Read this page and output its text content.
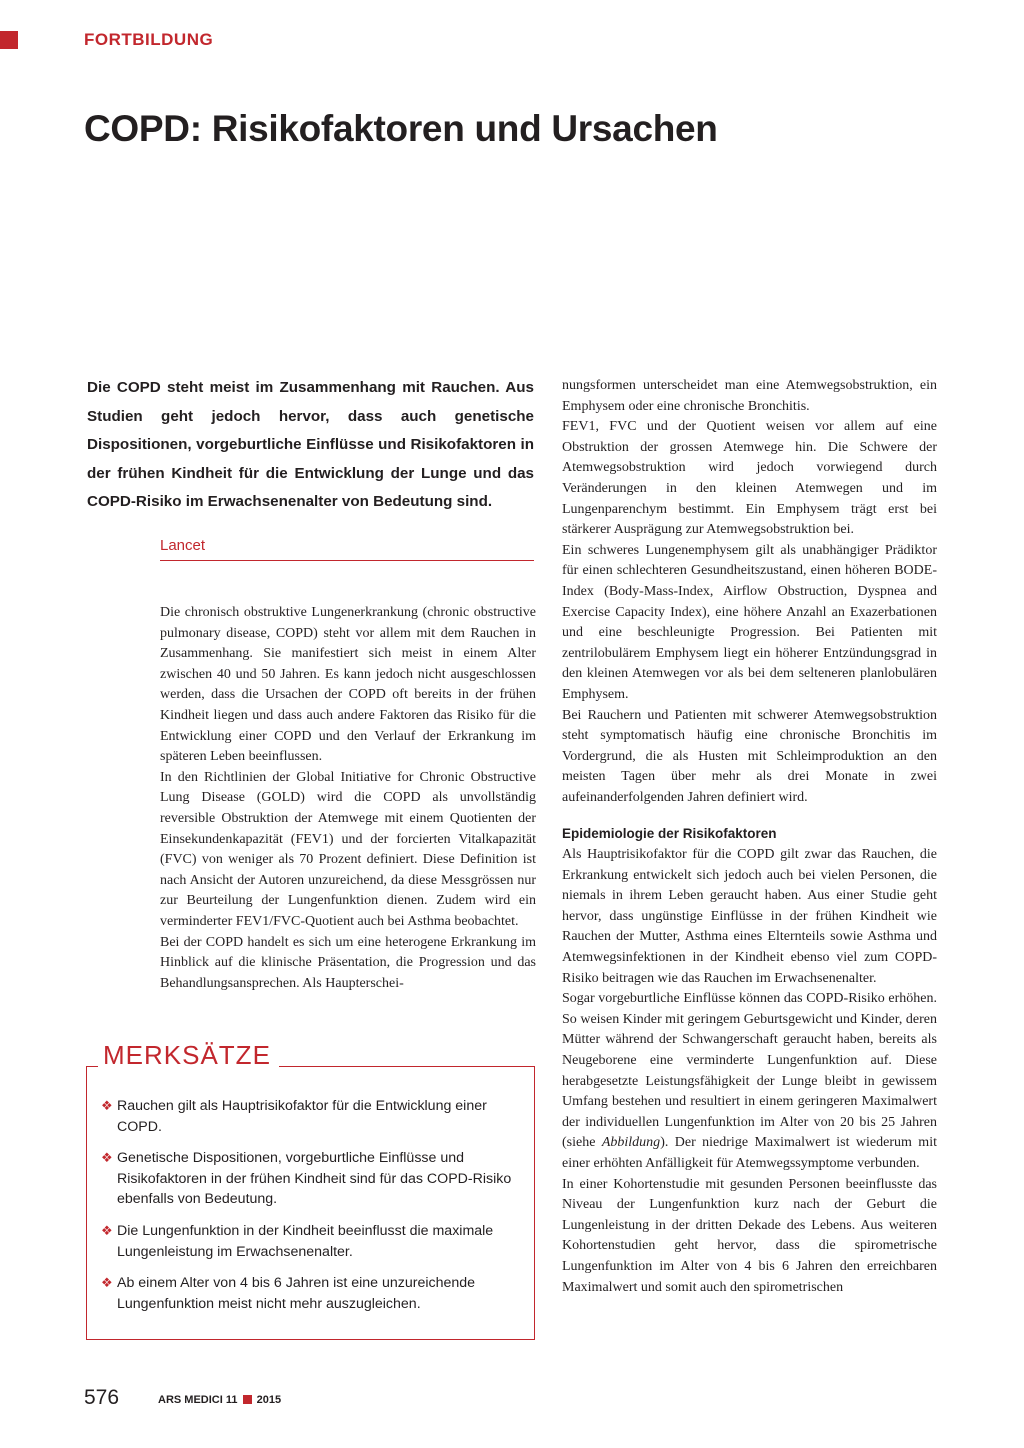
FORTBILDUNG
COPD: Risikofaktoren und Ursachen

Die COPD steht meist im Zusammenhang mit Rauchen. Aus Studien geht jedoch hervor, dass auch genetische Dispositionen, vorgeburtliche Einflüsse und Risikofaktoren in der frühen Kindheit für die Entwicklung der Lunge und das COPD-Risiko im Erwachsenenalter von Bedeutung sind.

Lancet

Die chronisch obstruktive Lungenerkrankung (chronic obstructive pulmonary disease, COPD) steht vor allem mit dem Rauchen in Zusammenhang. Sie manifestiert sich meist in einem Alter zwischen 40 und 50 Jahren. Es kann jedoch nicht ausgeschlossen werden, dass die Ursachen der COPD oft bereits in der frühen Kindheit liegen und dass auch andere Faktoren das Risiko für die Entwicklung einer COPD und den Verlauf der Erkrankung im späteren Leben beeinflussen.

In den Richtlinien der Global Initiative for Chronic Obstructive Lung Disease (GOLD) wird die COPD als unvollständig reversible Obstruktion der Atemwege mit einem Quotienten der Einsekundenkapazität (FEV1) und der forcierten Vitalkapazität (FVC) von weniger als 70 Prozent definiert. Diese Definition ist nach Ansicht der Autoren unzureichend, da diese Messgrössen nur zur Beurteilung der Lungenfunktion dienen. Zudem wird ein verminderter FEV1/FVC-Quotient auch bei Asthma beobachtet.

Bei der COPD handelt es sich um eine heterogene Erkrankung im Hinblick auf die klinische Präsentation, die Progression und das Behandlungsansprechen. Als Haupterschei-

nungsformen unterscheidet man eine Atemwegsobstruktion, ein Emphysem oder eine chronische Bronchitis.

FEV1, FVC und der Quotient weisen vor allem auf eine Obstruktion der grossen Atemwege hin. Die Schwere der Atemwegsobstruktion wird jedoch vorwiegend durch Veränderungen in den kleinen Atemwegen und im Lungenparenchym bestimmt. Ein Emphysem trägt erst bei stärkerer Ausprägung zur Atemwegsobstruktion bei.

Ein schweres Lungenemphysem gilt als unabhängiger Prädiktor für einen schlechteren Gesundheitszustand, einen höheren BODE-Index (Body-Mass-Index, Airflow Obstruction, Dyspnea and Exercise Capacity Index), eine höhere Anzahl an Exazerbationen und eine beschleunigte Progression. Bei Patienten mit zentrilobulärem Emphysem liegt ein höherer Entzündungsgrad in den kleinen Atemwegen vor als bei dem selteneren planlobulären Emphysem.

Bei Rauchern und Patienten mit schwerer Atemwegsobstruktion steht symptomatisch häufig eine chronische Bronchitis im Vordergrund, die als Husten mit Schleimproduktion an den meisten Tagen über mehr als drei Monate in zwei aufeinanderfolgenden Jahren definiert wird.

Epidemiologie der Risikofaktoren

Als Hauptrisikofaktor für die COPD gilt zwar das Rauchen, die Erkrankung entwickelt sich jedoch auch bei vielen Personen, die niemals in ihrem Leben geraucht haben. Aus einer Studie geht hervor, dass ungünstige Einflüsse in der frühen Kindheit wie Rauchen der Mutter, Asthma eines Elternteils sowie Asthma und Atemwegsinfektionen in der Kindheit ebenso viel zum COPD-Risiko beitragen wie das Rauchen im Erwachsenenalter.

Sogar vorgeburtliche Einflüsse können das COPD-Risiko erhöhen. So weisen Kinder mit geringem Geburtsgewicht und Kinder, deren Mütter während der Schwangerschaft geraucht haben, bereits als Neugeborene eine verminderte Lungenfunktion auf. Diese herabgesetzte Leistungsfähigkeit der Lunge bleibt in gewissem Umfang bestehen und resultiert in einem geringeren Maximalwert der individuellen Lungenfunktion im Alter von 20 bis 25 Jahren (siehe Abbildung). Der niedrige Maximalwert ist wiederum mit einer erhöhten Anfälligkeit für Atemwegssymptome verbunden.

In einer Kohortenstudie mit gesunden Personen beeinflusste das Niveau der Lungenfunktion kurz nach der Geburt die Lungenleistung in der dritten Dekade des Lebens. Aus weiteren Kohortenstudien geht hervor, dass die spirometrische Lungenfunktion im Alter von 4 bis 6 Jahren den erreichbaren Maximalwert und somit auch den spirometrischen

MERKSÄTZE
❖ Rauchen gilt als Hauptrisikofaktor für die Entwicklung einer COPD.
❖ Genetische Dispositionen, vorgeburtliche Einflüsse und Risikofaktoren in der frühen Kindheit sind für das COPD-Risiko ebenfalls von Bedeutung.
❖ Die Lungenfunktion in der Kindheit beeinflusst die maximale Lungenleistung im Erwachsenenalter.
❖ Ab einem Alter von 4 bis 6 Jahren ist eine unzureichende Lungenfunktion meist nicht mehr auszugleichen.
576	ARS MEDICI 11 2015
